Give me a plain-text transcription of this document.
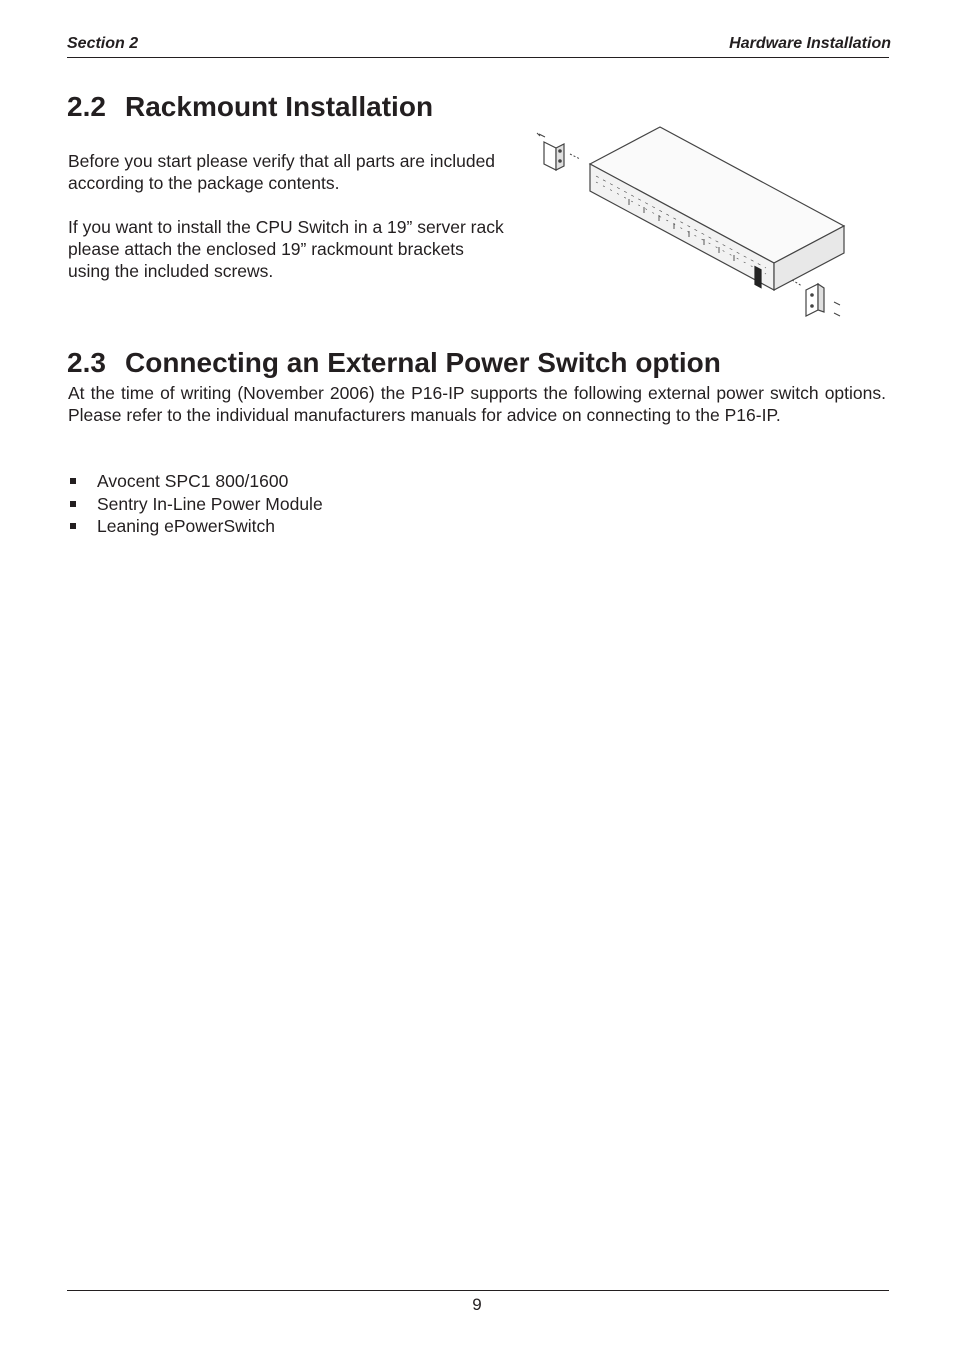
Section 2	Hardware Installation
2.2 Rackmount Installation

Before you start please verify that all parts are included according to the package contents.

If you want to install the CPU Switch in a 19” server rack please attach the enclosed 19” rackmount brackets using the included screws.

2.3 Connecting an External Power Switch option

At the time of writing (November 2006) the P16-IP supports the following external power switch options. Please refer to the individual manufacturers manuals for advice on connecting to the P16-IP.

Avocent SPC1 800/1600
Sentry In-Line Power Module
Leaning ePowerSwitch
9
